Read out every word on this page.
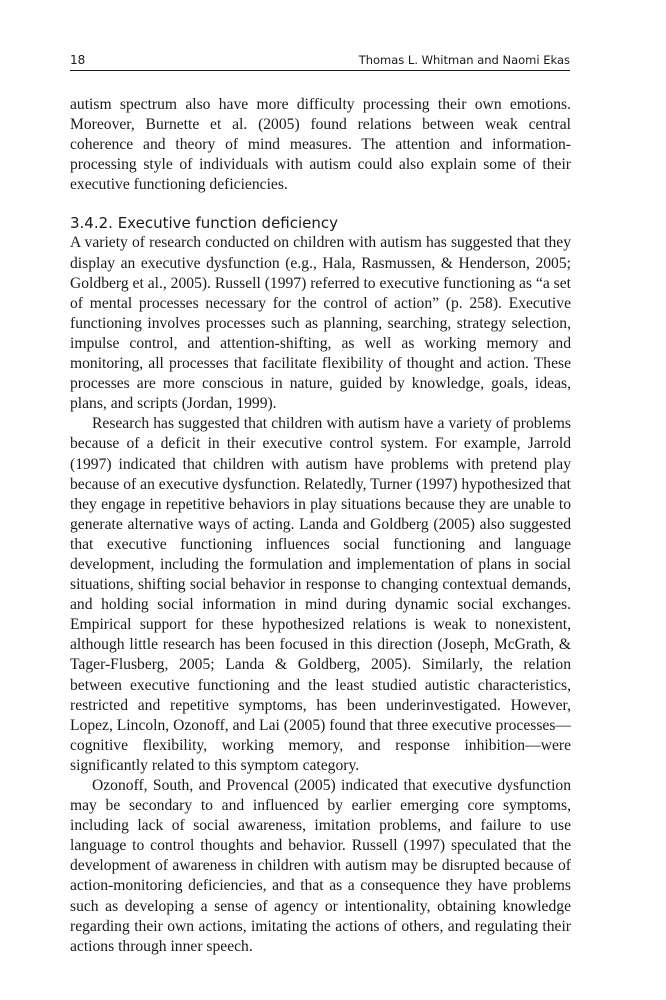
18	Thomas L. Whitman and Naomi Ekas

autism spectrum also have more difficulty processing their own emotions. Moreover, Burnette et al. (2005) found relations between weak central coherence and theory of mind measures. The attention and information-processing style of individuals with autism could also explain some of their executive functioning deficiencies.

3.4.2. Executive function deficiency

A variety of research conducted on children with autism has suggested that they display an executive dysfunction (e.g., Hala, Rasmussen, & Henderson, 2005; Goldberg et al., 2005). Russell (1997) referred to executive functioning as “a set of mental processes necessary for the control of action” (p. 258). Executive functioning involves processes such as planning, searching, strategy selection, impulse control, and attention-shifting, as well as working memory and monitoring, all processes that facilitate flexibility of thought and action. These processes are more conscious in nature, guided by knowledge, goals, ideas, plans, and scripts (Jordan, 1999).

Research has suggested that children with autism have a variety of problems because of a deficit in their executive control system. For example, Jarrold (1997) indicated that children with autism have problems with pretend play because of an executive dysfunction. Relatedly, Turner (1997) hypothesized that they engage in repetitive behaviors in play situations because they are unable to generate alternative ways of acting. Landa and Goldberg (2005) also suggested that executive functioning influences social functioning and language development, including the formulation and implementation of plans in social situations, shifting social behavior in response to changing contextual demands, and holding social information in mind during dynamic social exchanges. Empirical support for these hypothesized relations is weak to nonexistent, although little research has been focused in this direction (Joseph, McGrath, & Tager-Flusberg, 2005; Landa & Goldberg, 2005). Similarly, the relation between executive functioning and the least studied autistic characteristics, restricted and repetitive symptoms, has been underinvestigated. However, Lopez, Lincoln, Ozonoff, and Lai (2005) found that three executive processes—cognitive flexibility, working memory, and response inhibition—were significantly related to this symptom category.

Ozonoff, South, and Provencal (2005) indicated that executive dysfunction may be secondary to and influenced by earlier emerging core symptoms, including lack of social awareness, imitation problems, and failure to use language to control thoughts and behavior. Russell (1997) speculated that the development of awareness in children with autism may be disrupted because of action-monitoring deficiencies, and that as a consequence they have problems such as developing a sense of agency or intentionality, obtaining knowledge regarding their own actions, imitating the actions of others, and regulating their actions through inner speech.
